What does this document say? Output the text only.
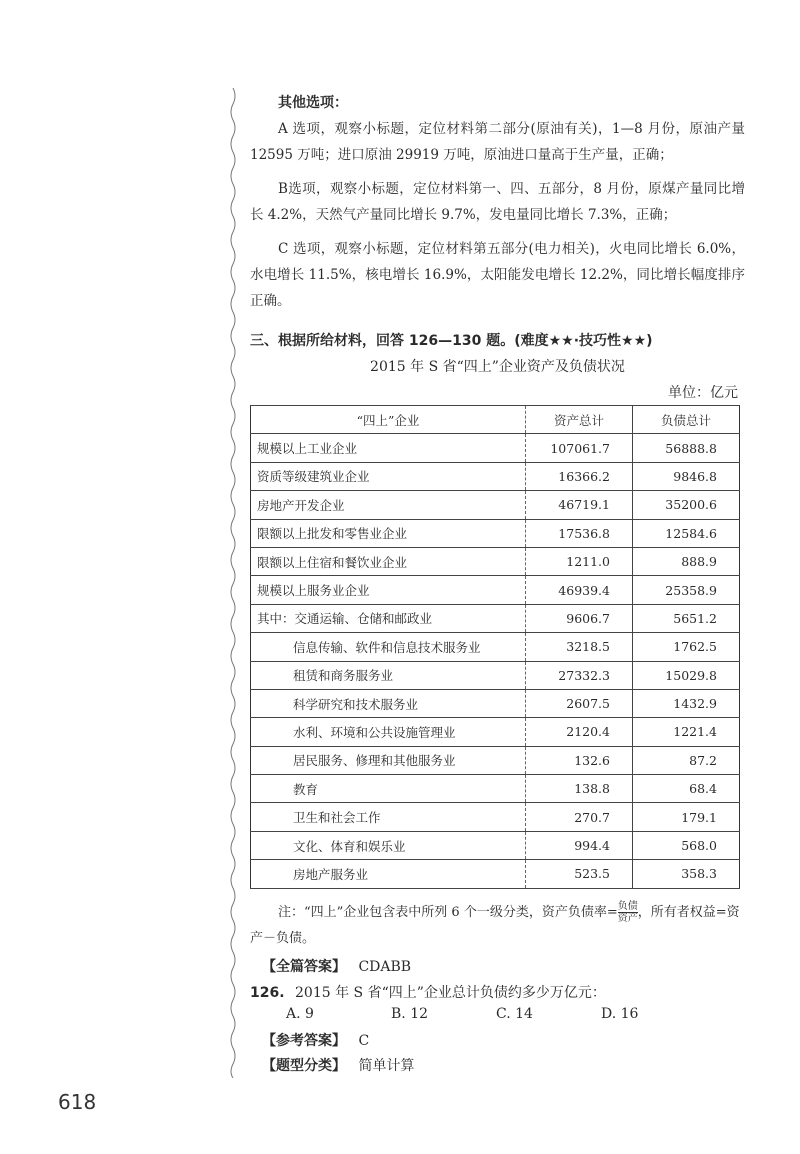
其他选项：

A 选项，观察小标题，定位材料第二部分(原油有关)，1—8 月份，原油产量 12595 万吨；进口原油 29919 万吨，原油进口量高于生产量，正确；

B选项，观察小标题，定位材料第一、四、五部分，8 月份，原煤产量同比增长 4.2%，天然气产量同比增长 9.7%，发电量同比增长 7.3%，正确；

C 选项，观察小标题，定位材料第五部分(电力相关)，火电同比增长 6.0%，水电增长 11.5%，核电增长 16.9%，太阳能发电增长 12.2%，同比增长幅度排序正确。

三、根据所给材料，回答 126—130 题。(难度★★·技巧性★★)
2015 年 S 省“四上”企业资产及负债状况
单位：亿元
“四上”企业	资产总计	负债总计
规模以上工业企业	107061.7	56888.8
资质等级建筑业企业	16366.2	9846.8
房地产开发企业	46719.1	35200.6
限额以上批发和零售业企业	17536.8	12584.6
限额以上住宿和餐饮业企业	1211.0	888.9
规模以上服务业企业	46939.4	25358.9
其中：交通运输、仓储和邮政业	9606.7	5651.2
信息传输、软件和信息技术服务业	3218.5	1762.5
租赁和商务服务业	27332.3	15029.8
科学研究和技术服务业	2607.5	1432.9
水利、环境和公共设施管理业	2120.4	1221.4
居民服务、修理和其他服务业	132.6	87.2
教育	138.8	68.4
卫生和社会工作	270.7	179.1
文化、体育和娱乐业	994.4	568.0
房地产服务业	523.5	358.3
注：“四上”企业包含表中所列 6 个一级分类，资产负债率= $\frac{\text{负债}}{\text{资产}}$ ，所有者权益=资产－负债。
【全篇答案】 CDABB
126. 2015 年 S 省“四上”企业总计负债约多少万亿元：
A. 9	B. 12	C. 14	D. 16
【参考答案】 C
【题型分类】 简单计算
618
